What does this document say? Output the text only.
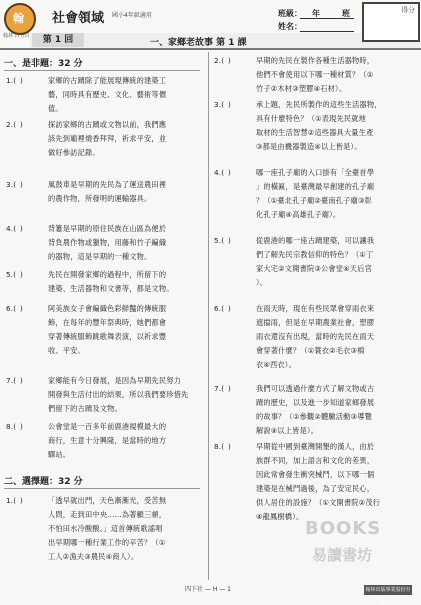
翰
翰林 百分百
社會領域 國小4年級適用	班級： 年	班
姓名：
得分
第 1 回	一、家鄉老故事 第 1 課
一、是非題：32 分
1.( )	家鄉的古蹟除了能展現傳統的建築工
藝，同時具有歷史、文化、藝術等價
值。
2.( )	探訪家鄉的古蹟或文物以前，我們應
該先到廟裡燒香拜拜，祈求平安，並
做好參訪記錄。
3.( )	風鼓車是早期的先民為了運送農田裡
的農作物，所發明的運輸器具。
4.( )	背簍是早期的原住民族在山區為便於
背負農作物或獵物，用藤和竹子編織
的器物，這是早期的一種文物。
5.( )	先民在開發家鄉的過程中，所留下的
建築、生活器物和文書等，都是文物。
6.( )	阿美族女子會編織色彩鮮豔的傳統服
飾，在每年的豐年祭典時，她們都會
穿著傳統服飾跳歌舞表演，以祈求豐
收、平安。
7.( )	家鄉能有今日發展，是因為早期先民努力
開發與生活付出的結果，所以我們要珍惜先
們留下的古蹟及文物。
8.( )	公會堂是一百多年前鹿港規模最大的
商行，生意十分興隆，是當時的地方
驛站。
二、選擇題：32 分
1.( )	「透早就出門，天色漸漸光，受苦無
人問，走到田中央……為著顧三頓，
不怕田水冷酸酸。」這首傳統歌謠唱
出早期哪一種行業工作的辛苦？（①
工人②漁夫③農民④商人）。
2.( )	早期的先民在製作各種生活器物時，
他們不會使用以下哪一種材質？（①
竹子②木材③塑膠④石材）。
3.( )	承上題，先民所製作的這些生活器物，
具有什麼特色？（①表現先民就地
取材的生活智慧②這些器具大量生產
③都是由機器製造④以上皆是）。
4.( )	哪一座孔子廟的入口掛有「全臺首學
」的橫匾，是臺灣最早創建的孔子廟
？（①臺北孔子廟②臺南孔子廟③彰
化孔子廟④高雄孔子廟）。
5.( )	從鹿港的哪一座古蹟建築，可以讓我
們了解先民宗教信仰的特色？（①丁
家大宅②文開書院③公會堂④天后宮
）。
6.( )	在雨天時，現在有些民眾會穿雨衣來
遮擋雨，但是在早期農業社會，塑膠
雨衣還沒有出現，當時的先民在雨天
會穿著什麼？（①簑衣②毛衣③棉
衣④西衣）。
7.( )	我們可以透過什麼方式了解文物或古
蹟的歷史，以及進一步知道家鄉發展
的故事？（①參觀②體驗活動③導覽
解說④以上皆是）。
8.( )	早期從中國到臺灣開墾的漢人，由於
族群不同，加上語言和文化的差異，
因此常會發生衝突械鬥，以下哪一個
建築是在械鬥過後，為了安定民心，
供人居住的設施？（①文開書院②茂行
④龍鳳樹橋）。
四下社 — H — 1
BOOKS
易讀書坊
翰林出版事業股份有限公司
